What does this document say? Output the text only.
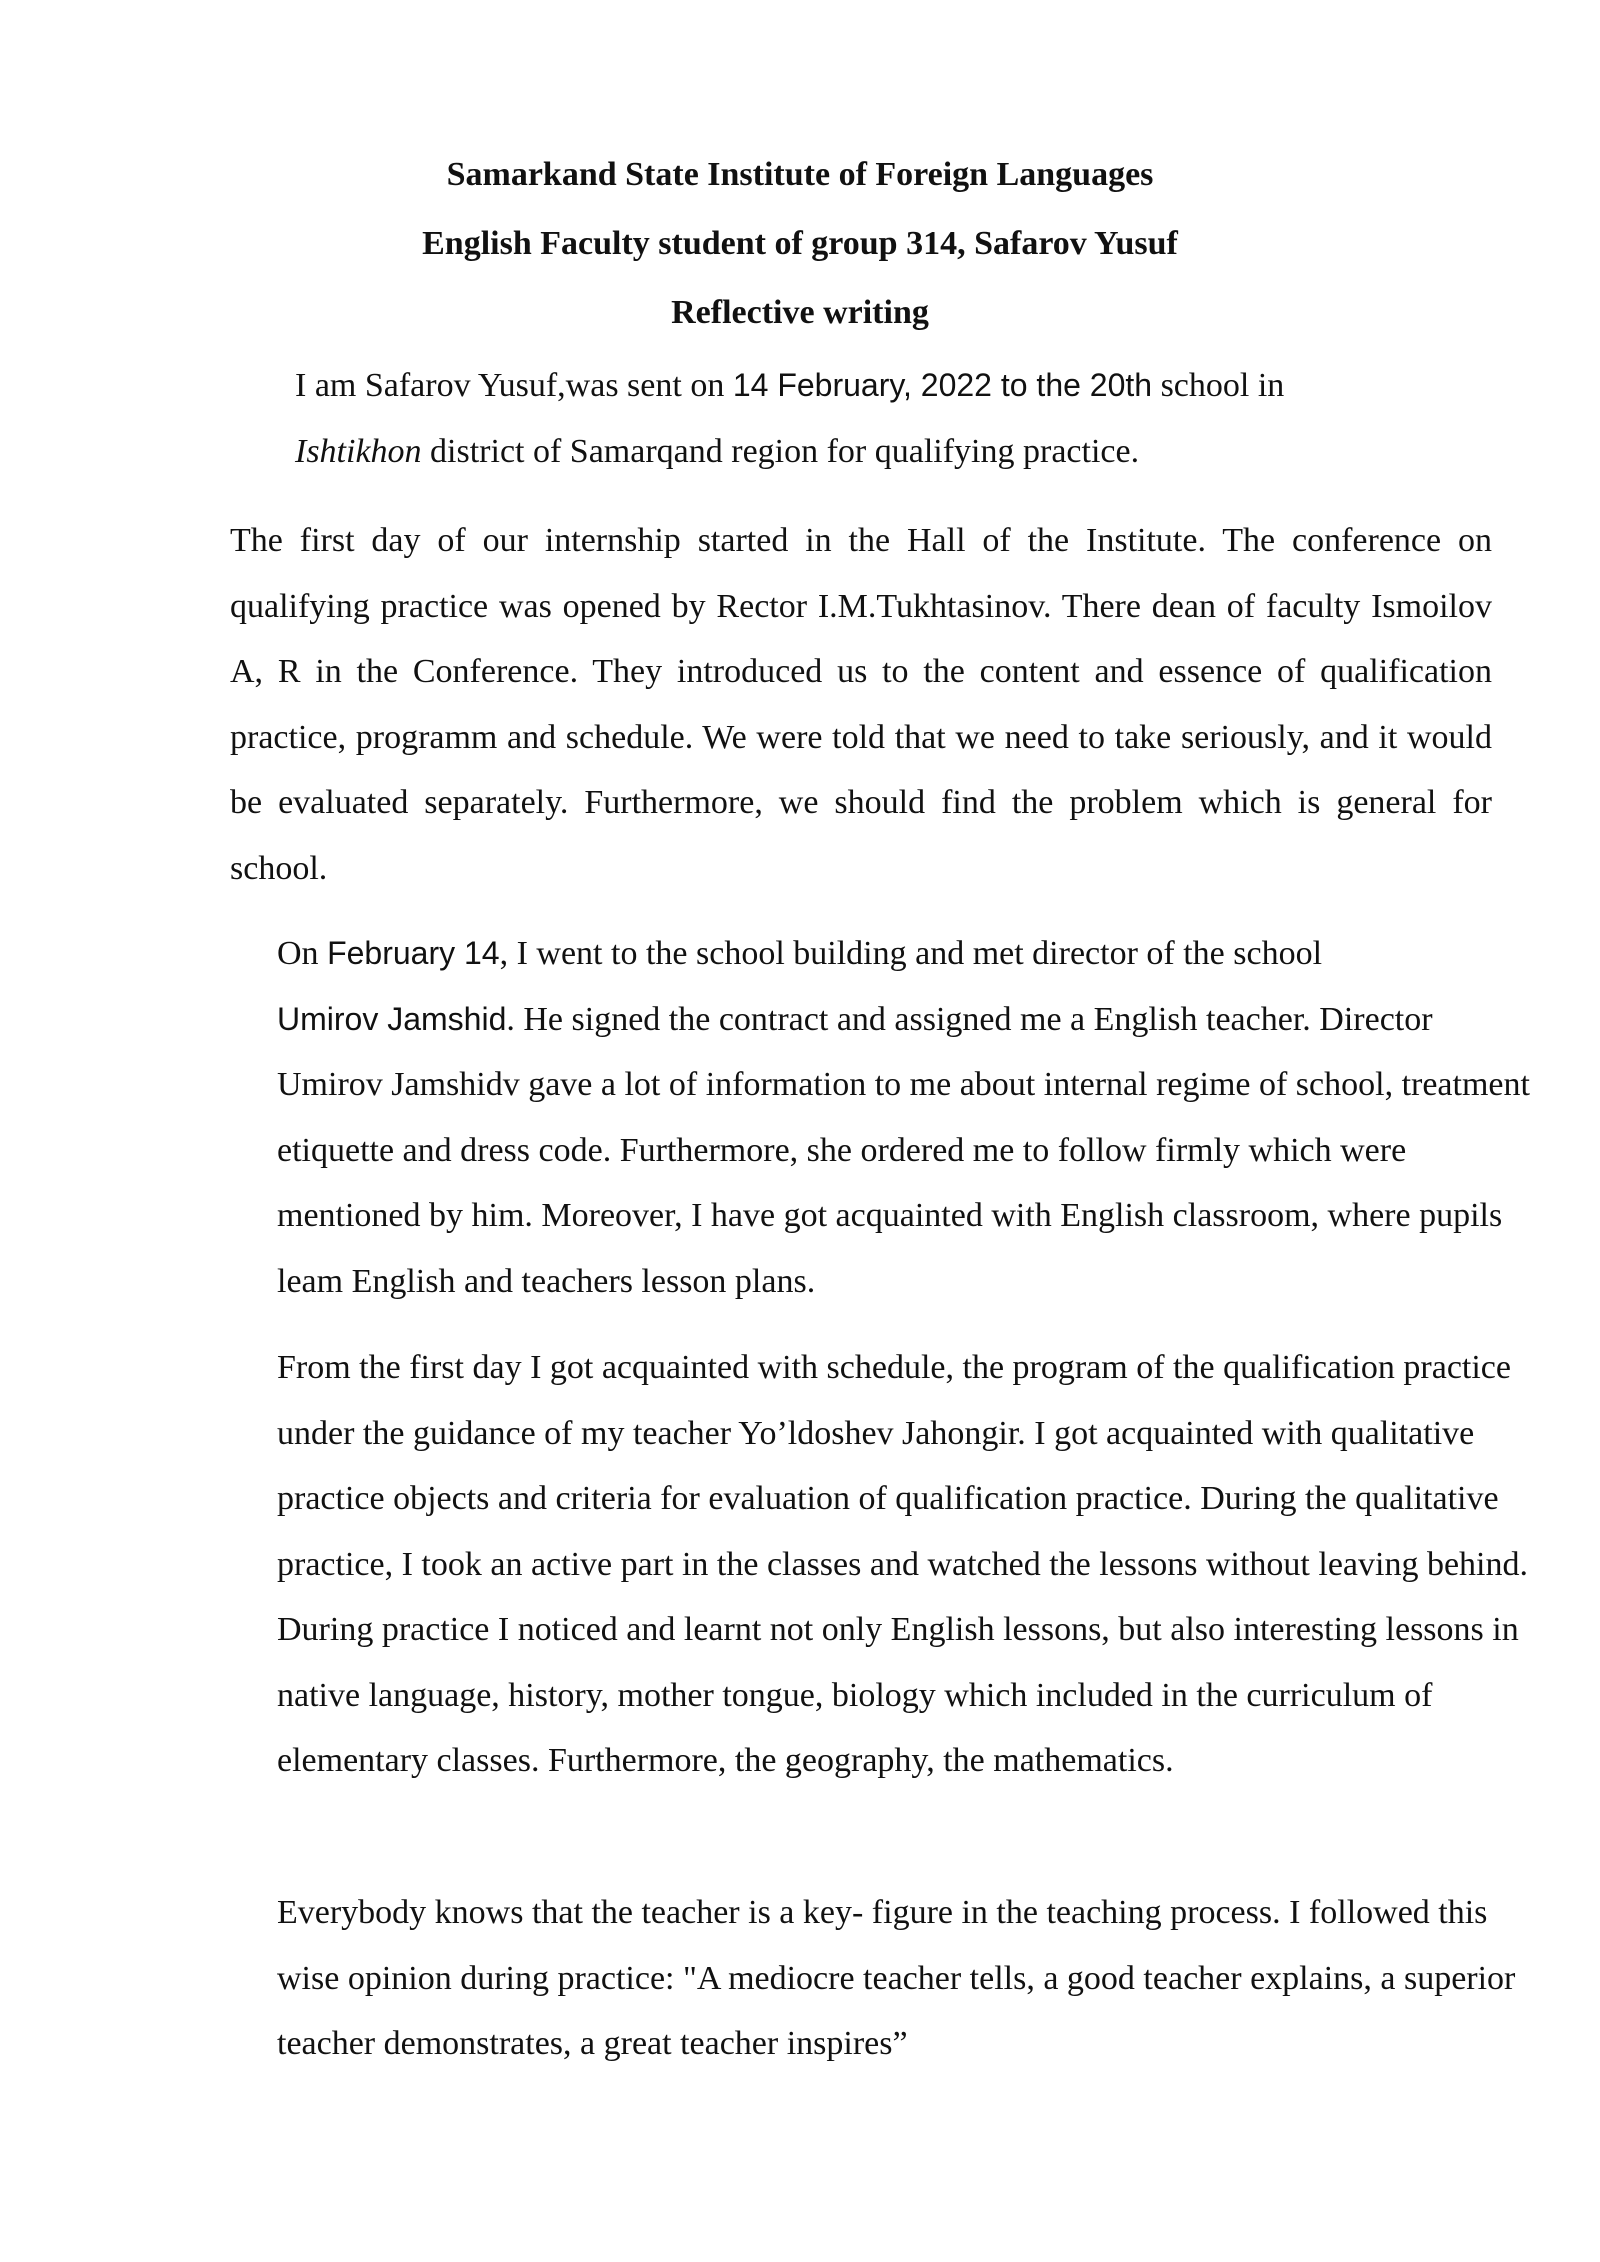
Samarkand State Institute of Foreign Languages
English Faculty student of group 314, Safarov Yusuf
Reflective writing

I am Safarov Yusuf,was sent on 14 February, 2022 to the 20th school in
Ishtikhon district of Samarqand region for qualifying practice.

The first day of our internship started in the Hall of the Institute. The conference on qualifying practice was opened by Rector I.M.Tukhtasinov. There dean of faculty Ismoilov A, R in the Conference. They introduced us to the content and essence of qualification practice, programm and schedule. We were told that we need to take seriously, and it would be evaluated separately. Furthermore, we should find the problem which is general for school.

On February 14, I went to the school building and met director of the school
Umirov Jamshid. He signed the contract and assigned me a English teacher. Director Umirov Jamshidv gave a lot of information to me about internal regime of school, treatment etiquette and dress code. Furthermore, she ordered me to follow firmly which were mentioned by him. Moreover, I have got acquainted with English classroom, where pupils leam English and teachers lesson plans.

From the first day I got acquainted with schedule, the program of the qualification practice under the guidance of my teacher Yo’ldoshev Jahongir. I got acquainted with qualitative practice objects and criteria for evaluation of qualification practice. During the qualitative practice, I took an active part in the classes and watched the lessons without leaving behind. During practice I noticed and learnt not only English lessons, but also interesting lessons in native language, history, mother tongue, biology which included in the curriculum of elementary classes. Furthermore, the geography, the mathematics.

Everybody knows that the teacher is a key- figure in the teaching process. I followed this wise opinion during practice: "A mediocre teacher tells, a good teacher explains, a superior teacher demonstrates, a great teacher inspires”
